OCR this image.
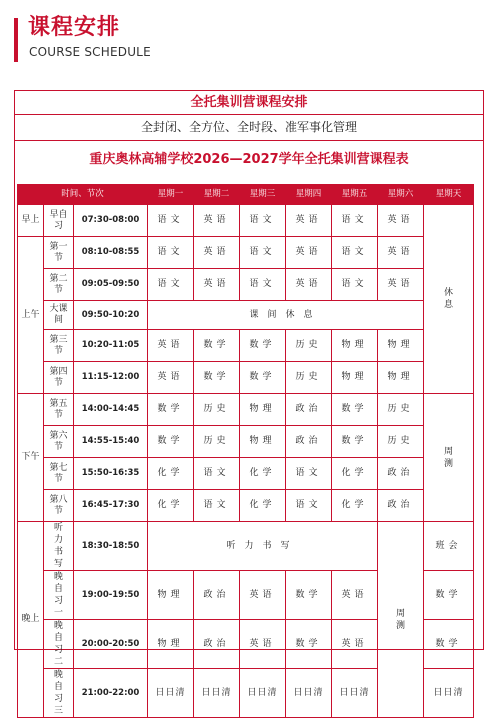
课程安排
COURSE SCHEDULE
全托集训营课程安排
全封闭、全方位、全时段、准军事化管理
重庆奥林高辅学校2026—2027学年全托集训营课程表
时间、节次			星期一	星期二	星期三	星期四	星期五	星期六	星期天
早上	早自习	07:30-08:00	语文	英语	语文	英语	语文	英语	休息
上午	第一节	08:10-08:55	语文	英语	语文	英语	语文	英语	
	第二节	09:05-09:50	语文	英语	语文	英语	语文	英语	
	大课间	09:50-10:20	课间休息						
	第三节	10:20-11:05	英语	数学	数学	历史	物理	物理	
	第四节	11:15-12:00	英语	数学	数学	历史	物理	物理	
下午	第五节	14:00-14:45	数学	历史	物理	政治	数学	历史	周测
	第六节	14:55-15:40	数学	历史	物理	政治	数学	历史	
	第七节	15:50-16:35	化学	语文	化学	语文	化学	政治	
	第八节	16:45-17:30	化学	语文	化学	语文	化学	政治	
晚上	听力书写	18:30-18:50	听力书写					周测	班会
	晚自习一	19:00-19:50	物理	政治	英语	数学	英语		数学
	晚自习二	20:00-20:50	物理	政治	英语	数学	英语		数学
	晚自习三	21:00-22:00	日日清	日日清	日日清	日日清	日日清		日日清
